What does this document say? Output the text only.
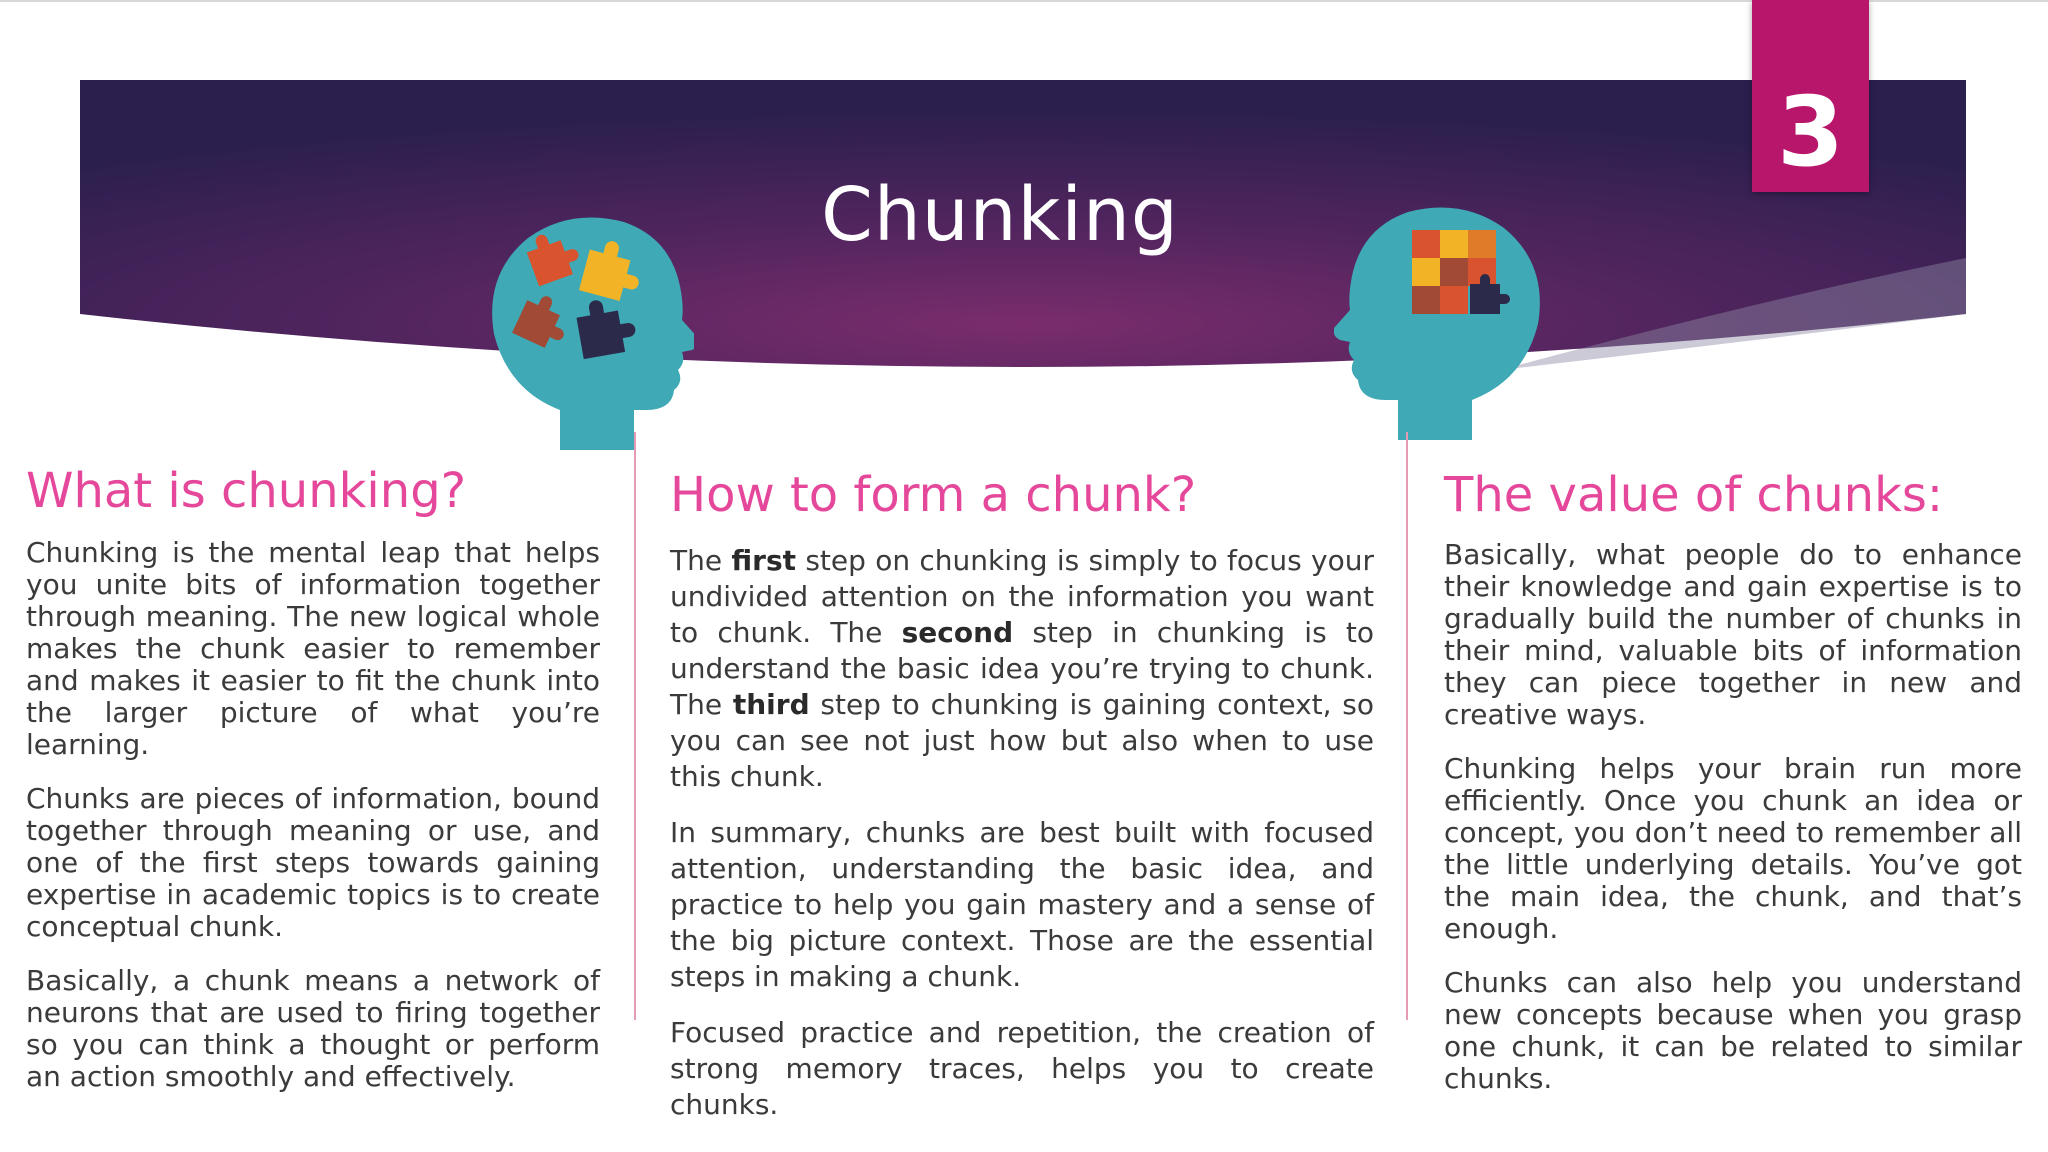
Chunking
3
What is chunking?

Chunking is the mental leap that helps you unite bits of information together through meaning. The new logical whole makes the chunk easier to remember and makes it easier to fit the chunk into the larger picture of what you’re learning.

Chunks are pieces of information, bound together through meaning or use, and one of the first steps towards gaining expertise in academic topics is to create conceptual chunk.

Basically, a chunk means a network of neurons that are used to firing together so you can think a thought or perform an action smoothly and effectively.

How to form a chunk?

The first step on chunking is simply to focus your undivided attention on the information you want to chunk. The second step in chunking is to understand the basic idea you’re trying to chunk. The third step to chunking is gaining context, so you can see not just how but also when to use this chunk.

In summary, chunks are best built with focused attention, understanding the basic idea, and practice to help you gain mastery and a sense of the big picture context. Those are the essential steps in making a chunk.

Focused practice and repetition, the creation of strong memory traces, helps you to create chunks.

The value of chunks:

Basically, what people do to enhance their knowledge and gain expertise is to gradually build the number of chunks in their mind, valuable bits of information they can piece together in new and creative ways.

Chunking helps your brain run more efficiently. Once you chunk an idea or concept, you don’t need to remember all the little underlying details. You’ve got the main idea, the chunk, and that’s enough.

Chunks can also help you understand new concepts because when you grasp one chunk, it can be related to similar chunks.
